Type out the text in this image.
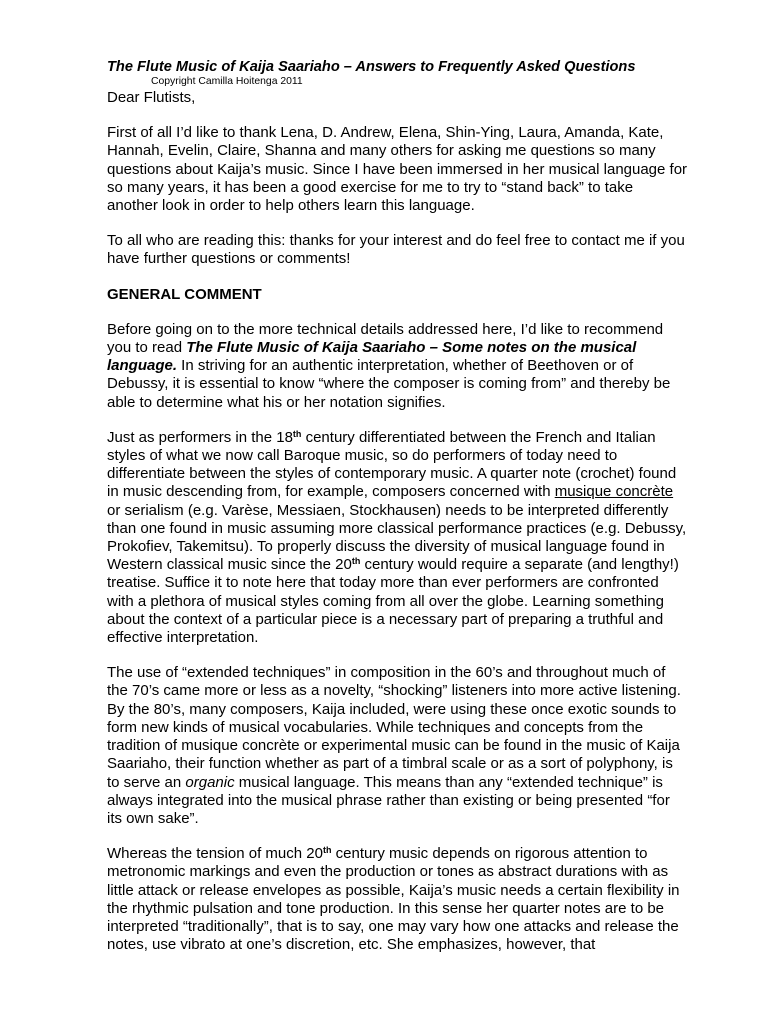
The Flute Music of Kaija Saariaho – Answers to Frequently Asked Questions

Copyright Camilla Hoitenga 2011

Dear Flutists,

First of all I’d like to thank Lena, D. Andrew, Elena, Shin-Ying, Laura, Amanda, Kate, Hannah, Evelin, Claire, Shanna and many others for asking me questions so many questions about Kaija’s music. Since I have been immersed in her musical language for so many years, it has been a good exercise for me to try to “stand back” to take another look in order to help others learn this language.

To all who are reading this: thanks for your interest and do feel free to contact me if you have further questions or comments!

GENERAL COMMENT

Before going on to the more technical details addressed here, I’d like to recommend you to read The Flute Music of Kaija Saariaho – Some notes on the musical language. In striving for an authentic interpretation, whether of Beethoven or of Debussy, it is essential to know “where the composer is coming from” and thereby be able to determine what his or her notation signifies.

Just as performers in the 18th century differentiated between the French and Italian styles of what we now call Baroque music, so do performers of today need to differentiate between the styles of contemporary music. A quarter note (crochet) found in music descending from, for example, composers concerned with musique concrète or serialism (e.g. Varèse, Messiaen, Stockhausen) needs to be interpreted differently than one found in music assuming more classical performance practices (e.g. Debussy, Prokofiev, Takemitsu). To properly discuss the diversity of musical language found in Western classical music since the 20th century would require a separate (and lengthy!) treatise. Suffice it to note here that today more than ever performers are confronted with a plethora of musical styles coming from all over the globe. Learning something about the context of a particular piece is a necessary part of preparing a truthful and effective interpretation.

The use of “extended techniques” in composition in the 60’s and throughout much of the 70’s came more or less as a novelty, “shocking” listeners into more active listening. By the 80’s, many composers, Kaija included, were using these once exotic sounds to form new kinds of musical vocabularies. While techniques and concepts from the tradition of musique concrète or experimental music can be found in the music of Kaija Saariaho, their function whether as part of a timbral scale or as a sort of polyphony, is to serve an organic musical language. This means than any “extended technique” is always integrated into the musical phrase rather than existing or being presented “for its own sake”.

Whereas the tension of much 20th century music depends on rigorous attention to metronomic markings and even the production or tones as abstract durations with as little attack or release envelopes as possible, Kaija’s music needs a certain flexibility in the rhythmic pulsation and tone production. In this sense her quarter notes are to be interpreted “traditionally”, that is to say, one may vary how one attacks and release the notes, use vibrato at one’s discretion, etc. She emphasizes, however, that
